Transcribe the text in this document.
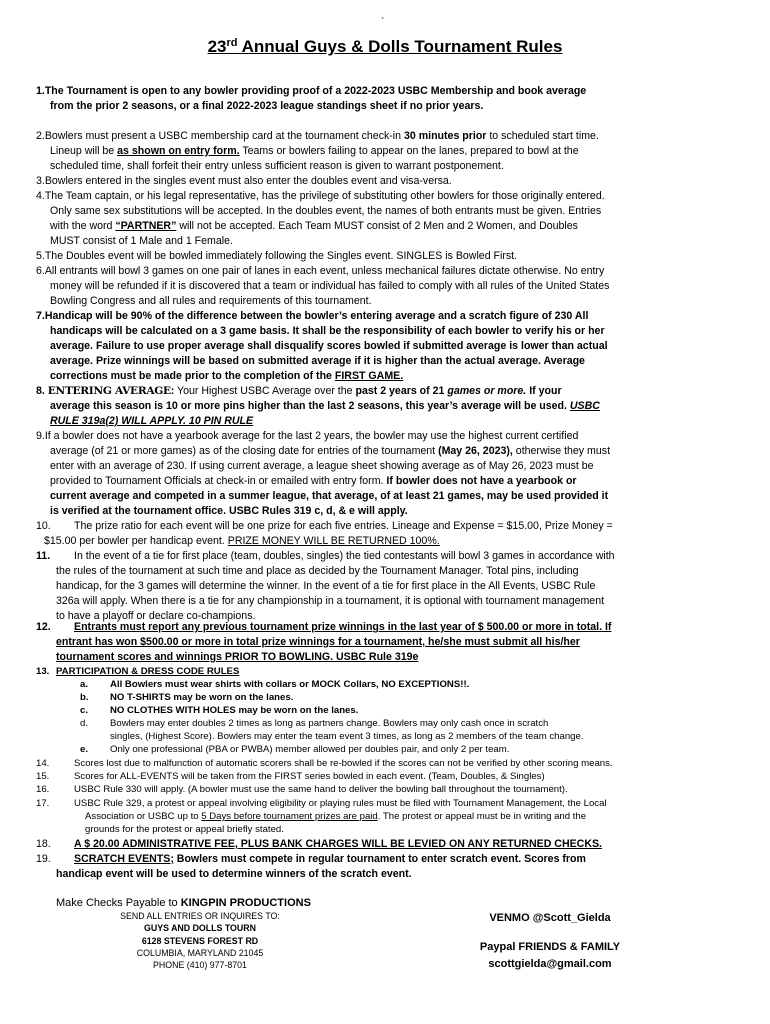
`
23rd Annual Guys & Dolls Tournament Rules
1.The Tournament is open to any bowler providing proof of a 2022-2023 USBC Membership and book average
from the prior 2 seasons, or a final 2022-2023 league standings sheet if no prior years.
2.Bowlers must present a USBC membership card at the tournament check-in 30 minutes prior to scheduled start time.
Lineup will be as shown on entry form. Teams or bowlers failing to appear on the lanes, prepared to bowl at the
scheduled time, shall forfeit their entry unless sufficient reason is given to warrant postponement.
3.Bowlers entered in the singles event must also enter the doubles event and visa-versa.
4.The Team captain, or his legal representative, has the privilege of substituting other bowlers for those originally entered.
Only same sex substitutions will be accepted. In the doubles event, the names of both entrants must be given. Entries
with the word “PARTNER” will not be accepted. Each Team MUST consist of 2 Men and 2 Women, and Doubles
MUST consist of 1 Male and 1 Female.
5.The Doubles event will be bowled immediately following the Singles event. SINGLES is Bowled First.
6.All entrants will bowl 3 games on one pair of lanes in each event, unless mechanical failures dictate otherwise. No entry
money will be refunded if it is discovered that a team or individual has failed to comply with all rules of the United States
Bowling Congress and all rules and requirements of this tournament.
7.Handicap will be 90% of the difference between the bowler’s entering average and a scratch figure of 230 All
handicaps will be calculated on a 3 game basis. It shall be the responsibility of each bowler to verify his or her
average. Failure to use proper average shall disqualify scores bowled if submitted average is lower than actual
average. Prize winnings will be based on submitted average if it is higher than the actual average. Average
corrections must be made prior to the completion of the FIRST GAME.
8. ENTERING AVERAGE: Your Highest USBC Average over the past 2 years of 21 games or more. If your
average this season is 10 or more pins higher than the last 2 seasons, this year’s average will be used. USBC
RULE 319a(2) WILL APPLY. 10 PIN RULE
9.If a bowler does not have a yearbook average for the last 2 years, the bowler may use the highest current certified
average (of 21 or more games) as of the closing date for entries of the tournament (May 26, 2023), otherwise they must
enter with an average of 230. If using current average, a league sheet showing average as of May 26, 2023 must be
provided to Tournament Officials at check-in or emailed with entry form. If bowler does not have a yearbook or
current average and competed in a summer league, that average, of at least 21 games, may be used provided it
is verified at the tournament office. USBC Rules 319 c, d, & e will apply.
10. The prize ratio for each event will be one prize for each five entries. Lineage and Expense = $15.00, Prize Money =
$15.00 per bowler per handicap event. PRIZE MONEY WILL BE RETURNED 100%.
11. In the event of a tie for first place (team, doubles, singles) the tied contestants will bowl 3 games in accordance with
the rules of the tournament at such time and place as decided by the Tournament Manager. Total pins, including
handicap, for the 3 games will determine the winner. In the event of a tie for first place in the All Events, USBC Rule
326a will apply. When there is a tie for any championship in a tournament, it is optional with tournament management
to have a playoff or declare co-champions.
12. Entrants must report any previous tournament prize winnings in the last year of $ 500.00 or more in total. If
entrant has won $500.00 or more in total prize winnings for a tournament, he/she must submit all his/her
tournament scores and winnings PRIOR TO BOWLING. USBC Rule 319e
13. PARTICIPATION & DRESS CODE RULES
a. All Bowlers must wear shirts with collars or MOCK Collars, NO EXCEPTIONS!!.
b. NO T-SHIRTS may be worn on the lanes.
c. NO CLOTHES WITH HOLES may be worn on the lanes.
d. Bowlers may enter doubles 2 times as long as partners change. Bowlers may only cash once in scratch
singles, (Highest Score). Bowlers may enter the team event 3 times, as long as 2 members of the team change.
e. Only one professional (PBA or PWBA) member allowed per doubles pair, and only 2 per team.
14.	Scores lost due to malfunction of automatic scorers shall be re-bowled if the scores can not be verified by other scoring means.
15.	Scores for ALL-EVENTS will be taken from the FIRST series bowled in each event. (Team, Doubles, & Singles)
16.	USBC Rule 330 will apply. (A bowler must use the same hand to deliver the bowling ball throughout the tournament).
17.	USBC Rule 329, a protest or appeal involving eligibility or playing rules must be filed with Tournament Management, the Local
Association or USBC up to 5 Days before tournament prizes are paid. The protest or appeal must be in writing and the
grounds for the protest or appeal briefly stated.
18. A $ 20.00 ADMINISTRATIVE FEE, PLUS BANK CHARGES WILL BE LEVIED ON ANY RETURNED CHECKS.
19. SCRATCH EVENTS; Bowlers must compete in regular tournament to enter scratch event. Scores from
handicap event will be used to determine winners of the scratch event.
Make Checks Payable to KINGPIN PRODUCTIONS
SEND ALL ENTRIES OR INQUIRES TO:
GUYS AND DOLLS TOURN
6128 STEVENS FOREST RD
COLUMBIA, MARYLAND 21045
PHONE (410) 977-8701
VENMO @Scott_Gielda
Paypal FRIENDS & FAMILY
scottgielda@gmail.com
